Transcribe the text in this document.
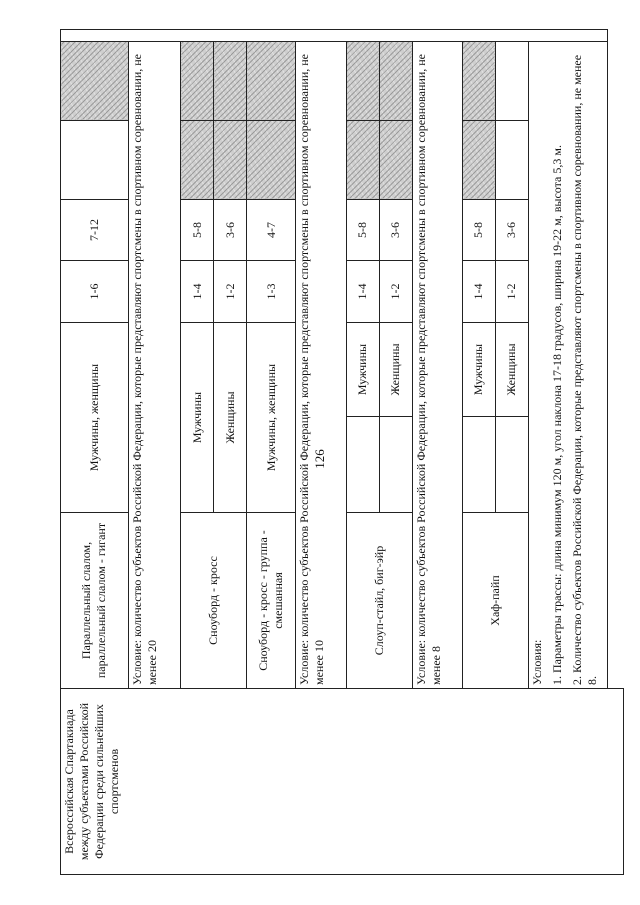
126
Всероссийская Спартакиада между субъектами Российской Федерации среди сильнейших спортсменов	Параллельный слалом, параллельный слалом - гигант	Мужчины, женщины		1-6	7-12			
	Условие: количество субъектов Российской Федерации, которые представляют спортсмены в спортивном соревновании, не менее 20							
	Сноуборд - кросс	Мужчины		1-4	5-8			
		Женщины		1-2	3-6			
	Сноуборд - кросс - группа - смешанная	Мужчины, женщины		1-3	4-7			
	Условие: количество субъектов Российской Федерации, которые представляют спортсмены в спортивном соревновании, не менее 10							
	Слоуп-стайл, биг-эйр		Мужчины	1-4	5-8			
			Женщины	1-2	3-6			
	Условие: количество субъектов Российской Федерации, которые представляют спортсмены в спортивном соревновании, не менее 8							
	Хаф-пайп		Мужчины	1-4	5-8			
			Женщины	1-2	3-6			
	Условия:							
	1. Параметры трассы: длина минимум 120 м, угол наклона 17-18 градусов, ширина 19-22 м, высота 5,3 м.							
	2. Количество субъектов Российской Федерации, которые представляют спортсмены в спортивном соревновании, не менее 8.							
